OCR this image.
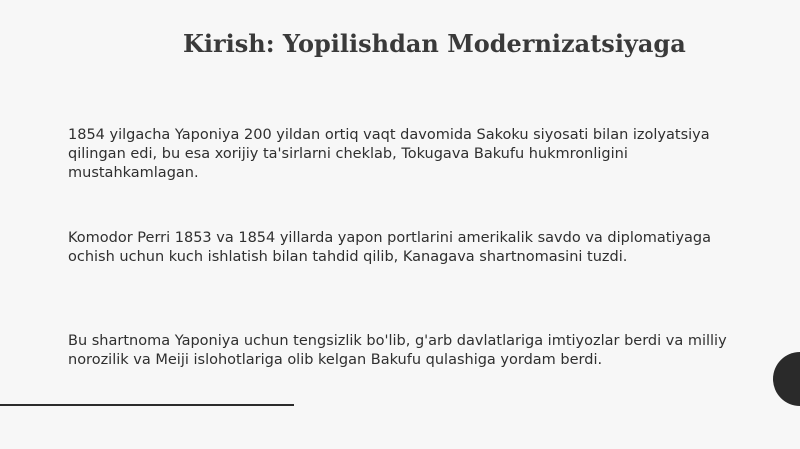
Kirish: Yopilishdan Modernizatsiyaga

1854 yilgacha Yaponiya 200 yildan ortiq vaqt davomida Sakoku siyosati bilan izolyatsiya qilingan edi, bu esa xorijiy ta'sirlarni cheklab, Tokugava Bakufu hukmronligini mustahkamlagan.

Komodor Perri 1853 va 1854 yillarda yapon portlarini amerikalik savdo va diplomatiyaga ochish uchun kuch ishlatish bilan tahdid qilib, Kanagava shartnomasini tuzdi.

Bu shartnoma Yaponiya uchun tengsizlik bo'lib, g'arb davlatlariga imtiyozlar berdi va milliy norozilik va Meiji islohotlariga olib kelgan Bakufu qulashiga yordam berdi.
